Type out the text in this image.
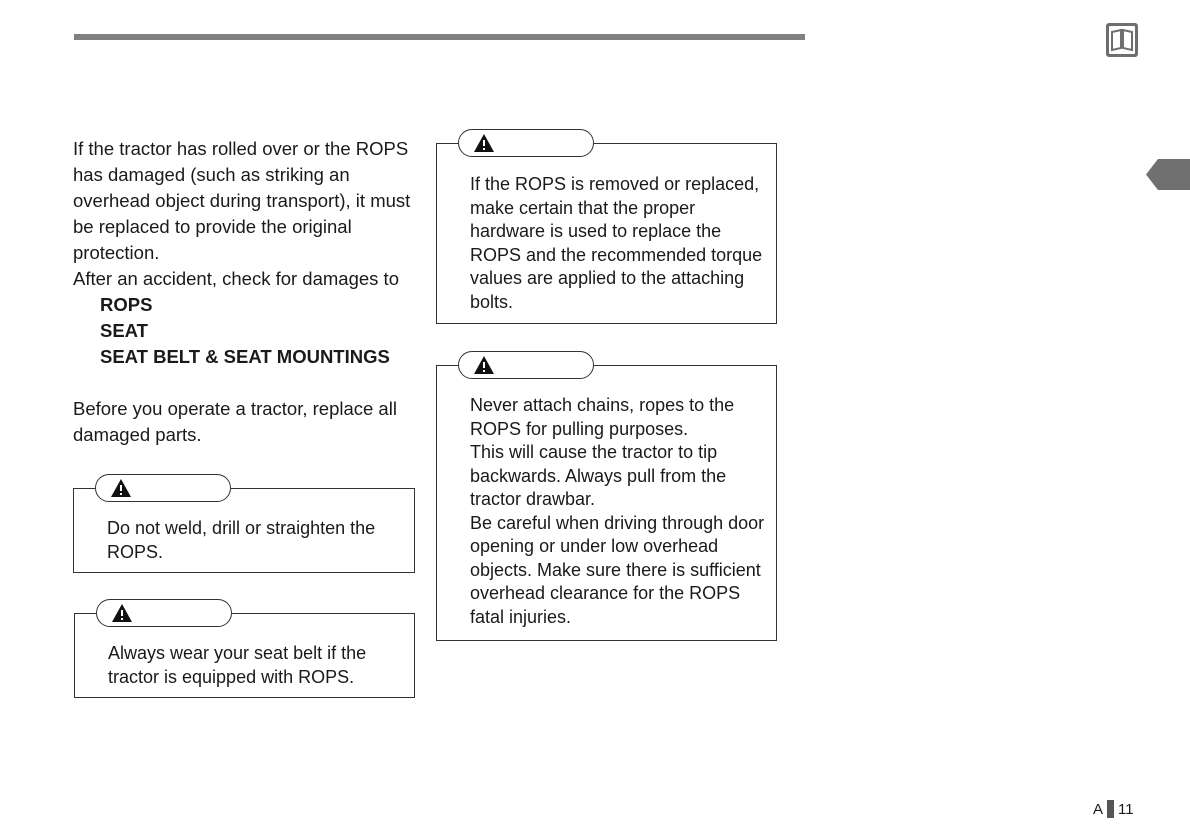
If the tractor has rolled over or the ROPS has damaged (such as striking an overhead object during transport), it must be replaced to provide the original protection.

After an accident, check for damages to

ROPS
SEAT
SEAT BELT & SEAT MOUNTINGS

Before you operate a tractor, replace all damaged parts.

Do not weld, drill or straighten the ROPS.
Always wear your seat belt if the tractor is equipped with ROPS.
If the ROPS is removed or replaced, make certain that the proper hardware is used to replace the ROPS and the recommended torque values are applied to the attaching bolts.
Never attach chains, ropes to the ROPS for pulling purposes.
This will cause the tractor to tip backwards. Always pull from the tractor drawbar.
Be careful when driving through door opening or under low overhead objects. Make sure there is sufficient overhead clearance for the ROPS fatal injuries.
A 11
